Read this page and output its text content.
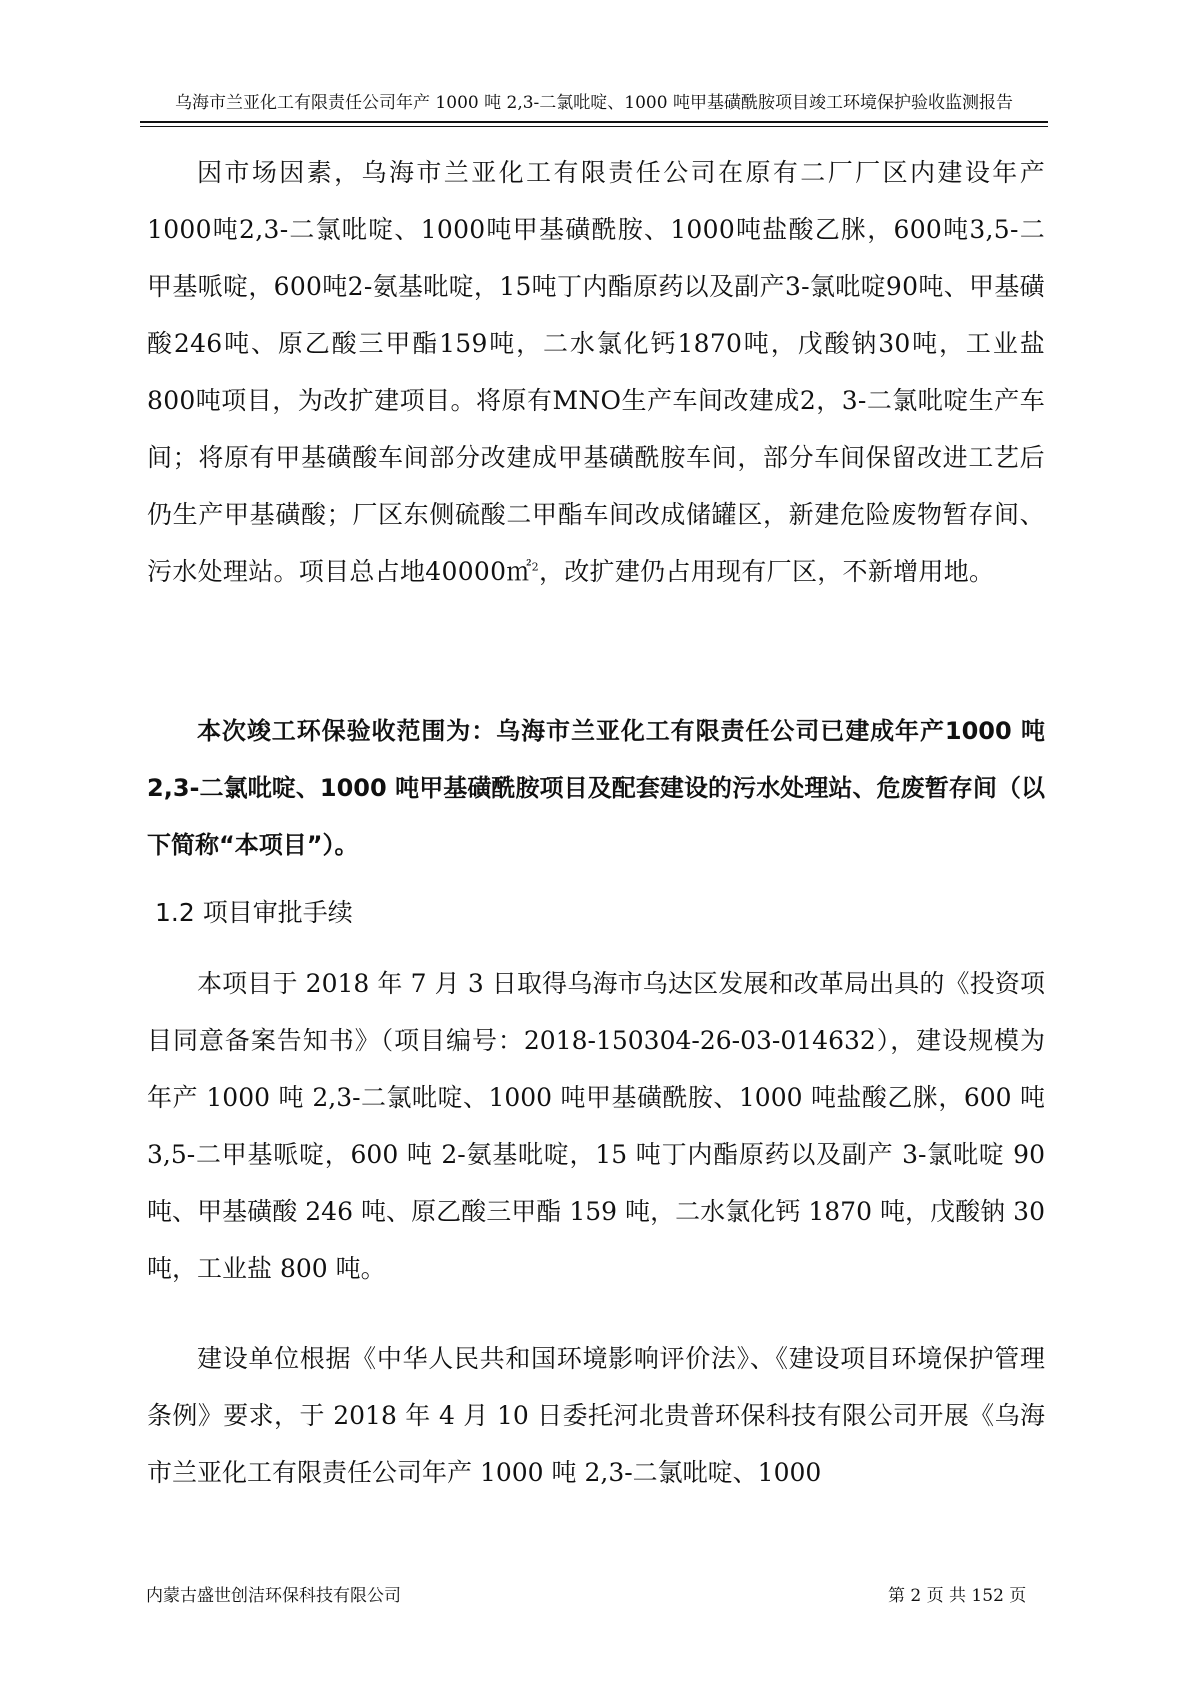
乌海市兰亚化工有限责任公司年产 1000 吨 2,3-二氯吡啶、1000 吨甲基磺酰胺项目竣工环境保护验收监测报告

因市场因素，乌海市兰亚化工有限责任公司在原有二厂厂区内建设年产1000吨2,3-二氯吡啶、1000吨甲基磺酰胺、1000吨盐酸乙脒，600吨3,5-二甲基哌啶，600吨2-氨基吡啶，15吨丁内酯原药以及副产3-氯吡啶90吨、甲基磺酸246吨、原乙酸三甲酯159吨，二水氯化钙1870吨，戊酸钠30吨，工业盐800吨项目，为改扩建项目。将原有MNO生产车间改建成2，3-二氯吡啶生产车间；将原有甲基磺酸车间部分改建成甲基磺酰胺车间，部分车间保留改进工艺后仍生产甲基磺酸；厂区东侧硫酸二甲酯车间改成储罐区，新建危险废物暂存间、污水处理站。项目总占地40000㎡$^2$，改扩建仍占用现有厂区，不新增用地。

本次竣工环保验收范围为：乌海市兰亚化工有限责任公司已建成年产1000 吨 2,3-二氯吡啶、1000 吨甲基磺酰胺项目及配套建设的污水处理站、危废暂存间（以下简称“本项目”）。

1.2 项目审批手续

本项目于 2018 年 7 月 3 日取得乌海市乌达区发展和改革局出具的《投资项目同意备案告知书》（项目编号：2018-150304-26-03-014632），建设规模为年产 1000 吨 2,3-二氯吡啶、1000 吨甲基磺酰胺、1000 吨盐酸乙脒，600 吨 3,5-二甲基哌啶，600 吨 2-氨基吡啶，15 吨丁内酯原药以及副产 3-氯吡啶 90 吨、甲基磺酸 246 吨、原乙酸三甲酯 159 吨，二水氯化钙 1870 吨，戊酸钠 30 吨，工业盐 800 吨。

建设单位根据《中华人民共和国环境影响评价法》、《建设项目环境保护管理条例》要求，于 2018 年 4 月 10 日委托河北贵普环保科技有限公司开展《乌海市兰亚化工有限责任公司年产 1000 吨 2,3-二氯吡啶、1000

内蒙古盛世创洁环保科技有限公司	第 2 页 共 152 页
